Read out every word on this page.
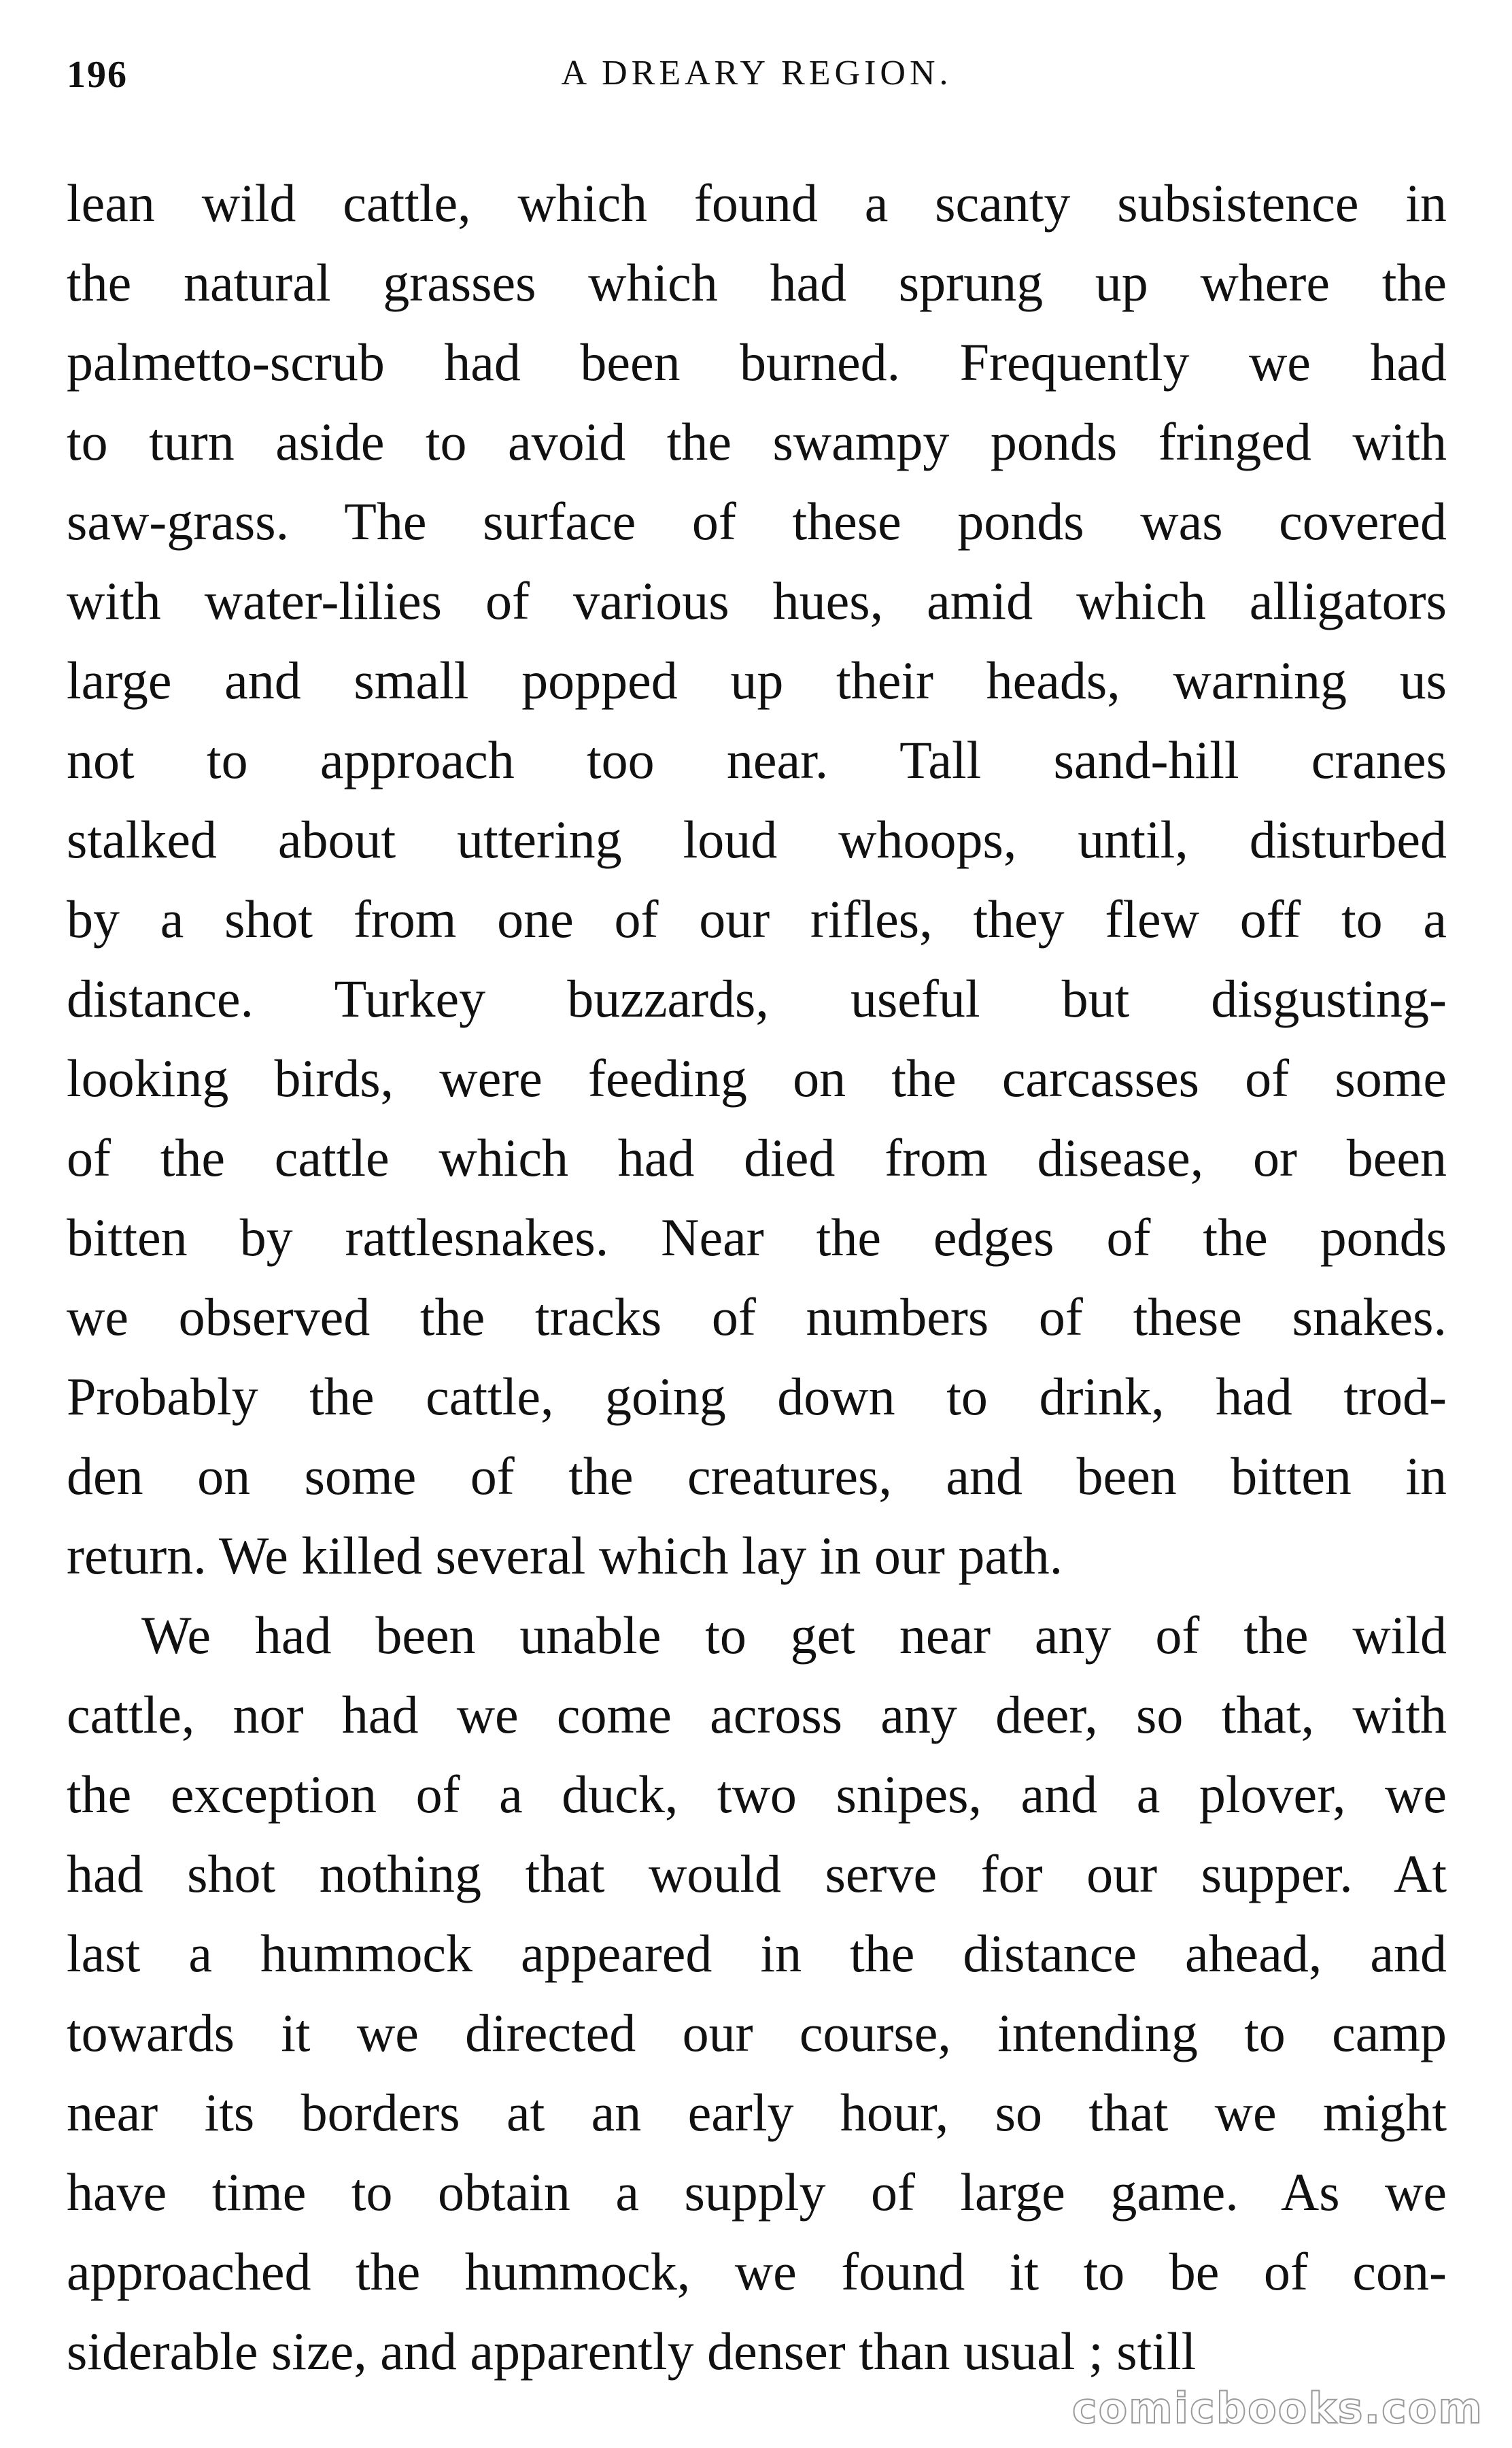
196	A DREARY REGION.
lean wild cattle, which found a scanty subsistence in
the natural grasses which had sprung up where the
palmetto-scrub had been burned. Frequently we had
to turn aside to avoid the swampy ponds fringed with
saw-grass. The surface of these ponds was covered
with water-lilies of various hues, amid which alligators
large and small popped up their heads, warning us
not to approach too near. Tall sand-hill cranes
stalked about uttering loud whoops, until, disturbed
by a shot from one of our rifles, they flew off to a
distance. Turkey buzzards, useful but disgusting-
looking birds, were feeding on the carcasses of some
of the cattle which had died from disease, or been
bitten by rattlesnakes. Near the edges of the ponds
we observed the tracks of numbers of these snakes.
Probably the cattle, going down to drink, had trod-
den on some of the creatures, and been bitten in
return. We killed several which lay in our path.
We had been unable to get near any of the wild
cattle, nor had we come across any deer, so that, with
the exception of a duck, two snipes, and a plover, we
had shot nothing that would serve for our supper. At
last a hummock appeared in the distance ahead, and
towards it we directed our course, intending to camp
near its borders at an early hour, so that we might
have time to obtain a supply of large game. As we
approached the hummock, we found it to be of con-
siderable size, and apparently denser than usual ; still
comicbooks.com
